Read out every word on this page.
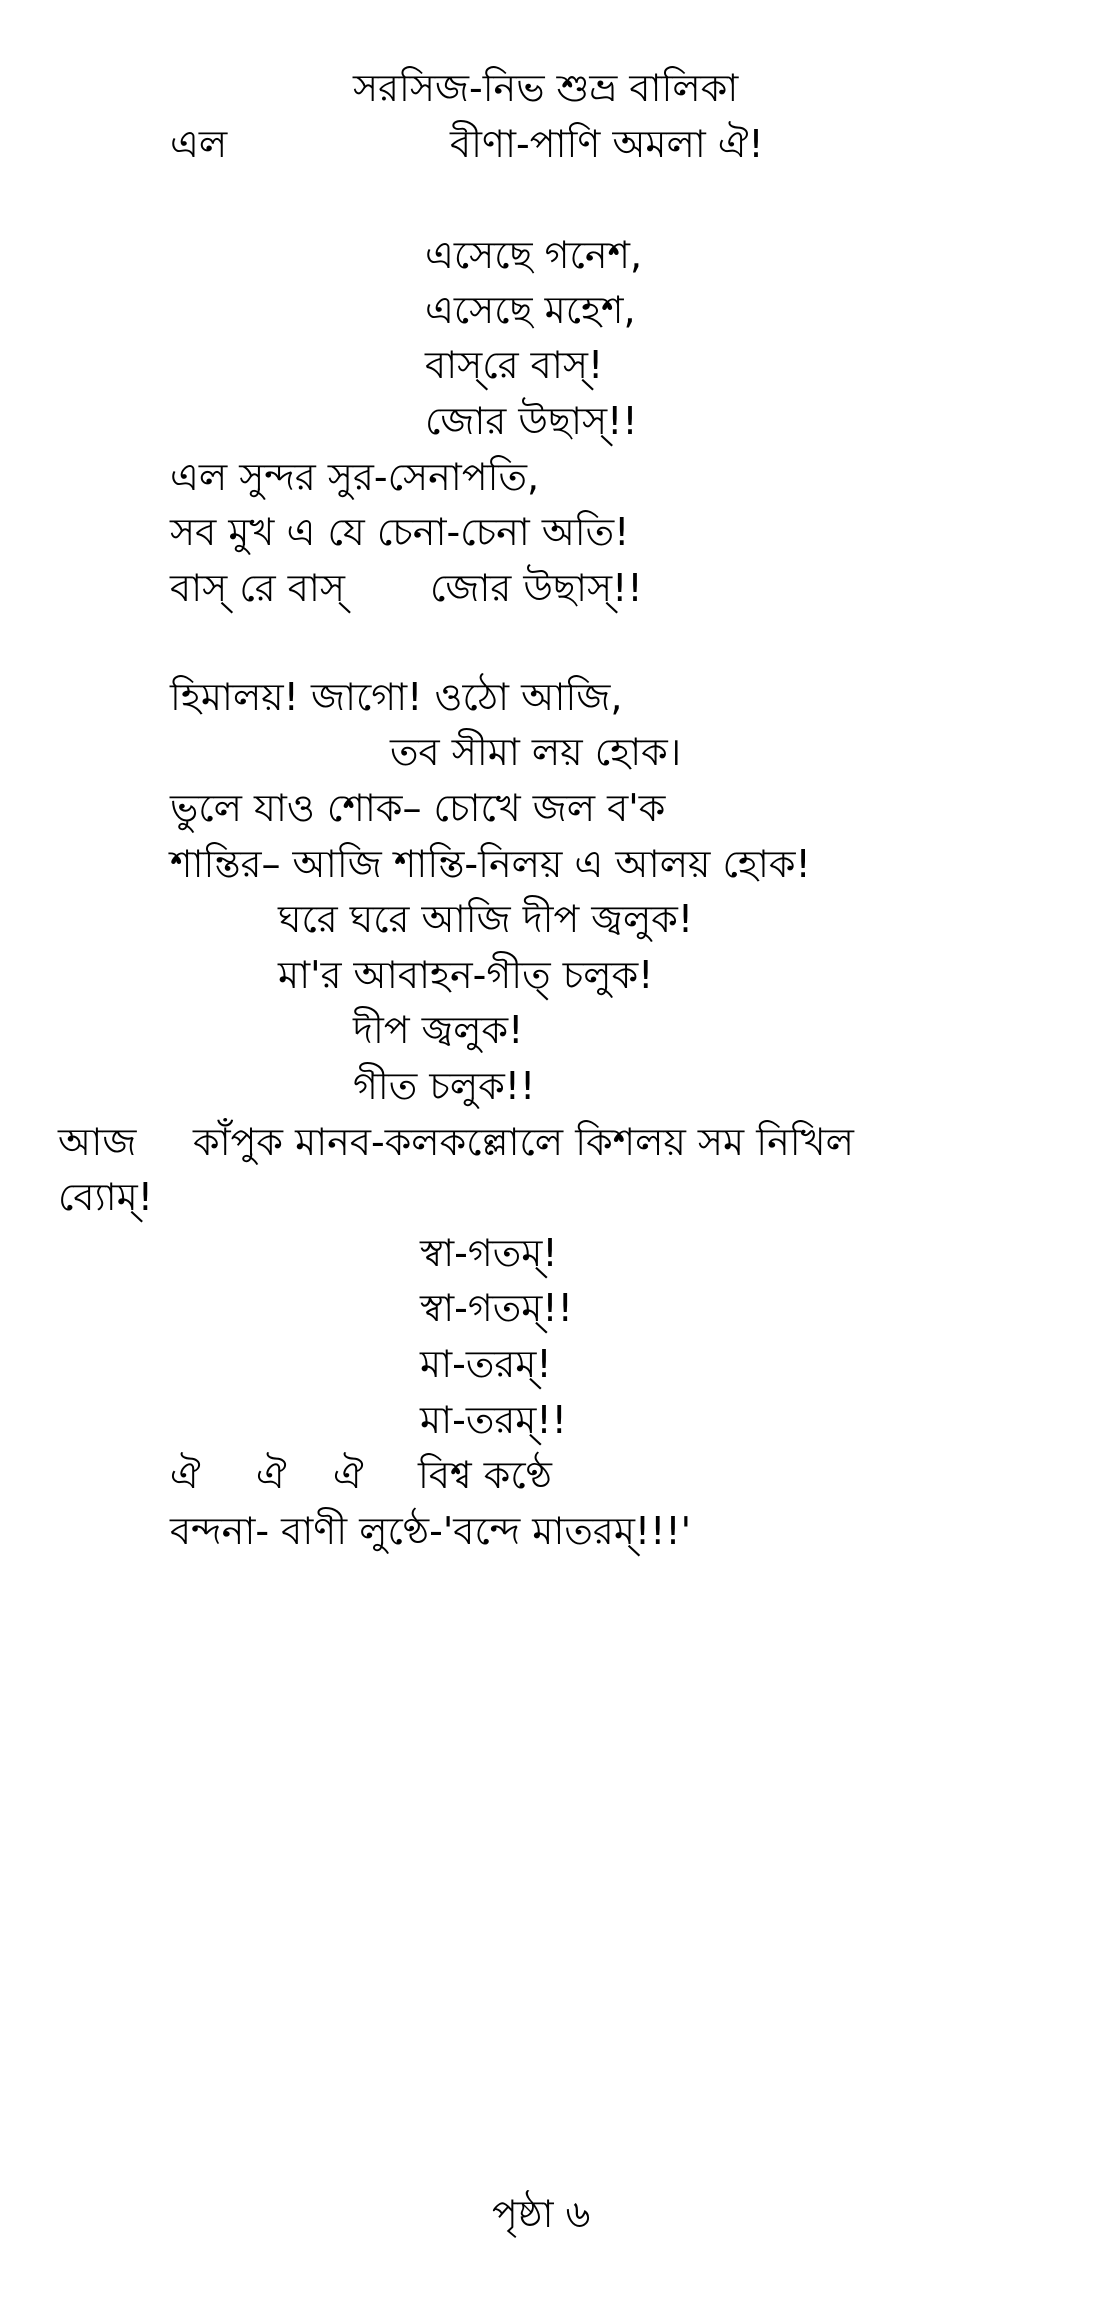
সরসিজ-নিভ শুভ্র বালিকা
এল	বীণা-পাণি অমলা ঐ!
এসেছে গনেশ,
এসেছে মহেশ,
বাস্‌রে বাস্‌!
জোর উছাস্‌!!
এল সুন্দর সুর-সেনাপতি,
সব মুখ এ যে চেনা-চেনা অতি!
বাস্‌ রে বাস্‌ জোর উছাস্‌!!
হিমালয়! জাগো! ওঠো আজি,
তব সীমা লয় হোক।
ভুলে যাও শোক– চোখে জল ব'ক
শান্তির– আজি শান্তি-নিলয় এ আলয় হোক!
ঘরে ঘরে আজি দীপ জ্বলুক!
মা'র আবাহন-গীত্‌ চলুক!
দীপ জ্বলুক!
গীত চলুক!!
আজ কাঁপুক মানব-কলকল্লোলে কিশলয় সম নিখিল
ব্যোম্‌!
স্বা-গতম্‌!
স্বা-গতম্‌!!
মা-তরম্‌!
মা-তরম্‌!!
ঐ ঐ ঐ বিশ্ব কণ্ঠে
বন্দনা- বাণী লুণ্ঠে-'বন্দে মাতরম্‌!!!'
পৃষ্ঠা ৬
